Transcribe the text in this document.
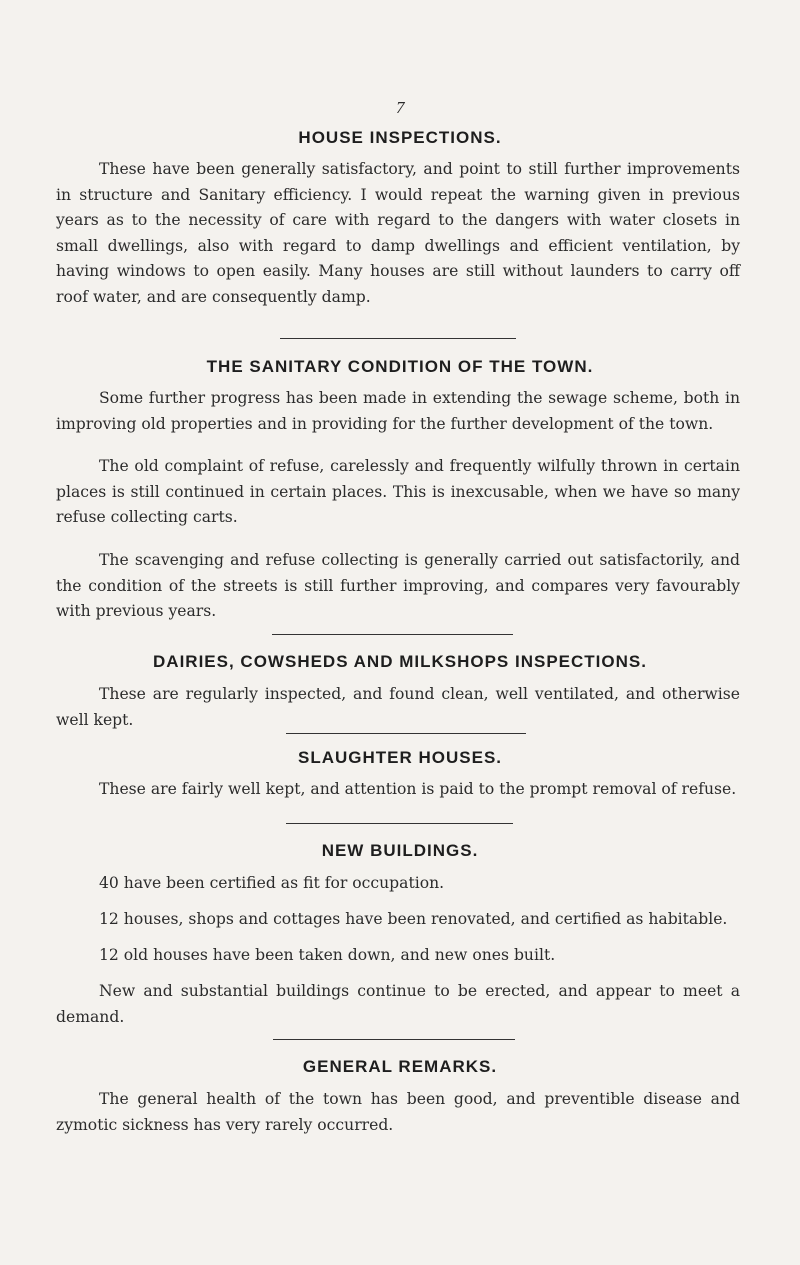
7
HOUSE INSPECTIONS.
These have been generally satisfactory, and point to still further improvements in structure and Sanitary efficiency. I would repeat the warning given in previous years as to the necessity of care with regard to the dangers with water closets in small dwellings, also with regard to damp dwellings and efficient ventilation, by having windows to open easily. Many houses are still without launders to carry off roof water, and are consequently damp.
THE SANITARY CONDITION OF THE TOWN.
Some further progress has been made in extending the sewage scheme, both in improving old properties and in providing for the further development of the town.
The old complaint of refuse, carelessly and frequently wilfully thrown in certain places is still continued in certain places. This is inexcusable, when we have so many refuse collecting carts.
The scavenging and refuse collecting is generally carried out satisfactorily, and the condition of the streets is still further improving, and compares very favourably with previous years.
DAIRIES, COWSHEDS AND MILKSHOPS INSPECTIONS.
These are regularly inspected, and found clean, well ventilated, and otherwise well kept.
SLAUGHTER HOUSES.
These are fairly well kept, and attention is paid to the prompt removal of refuse.
NEW BUILDINGS.
40 have been certified as fit for occupation.
12 houses, shops and cottages have been renovated, and certified as habitable.
12 old houses have been taken down, and new ones built.
New and substantial buildings continue to be erected, and appear to meet a demand.
GENERAL REMARKS.
The general health of the town has been good, and preventible disease and zymotic sickness has very rarely occurred.
